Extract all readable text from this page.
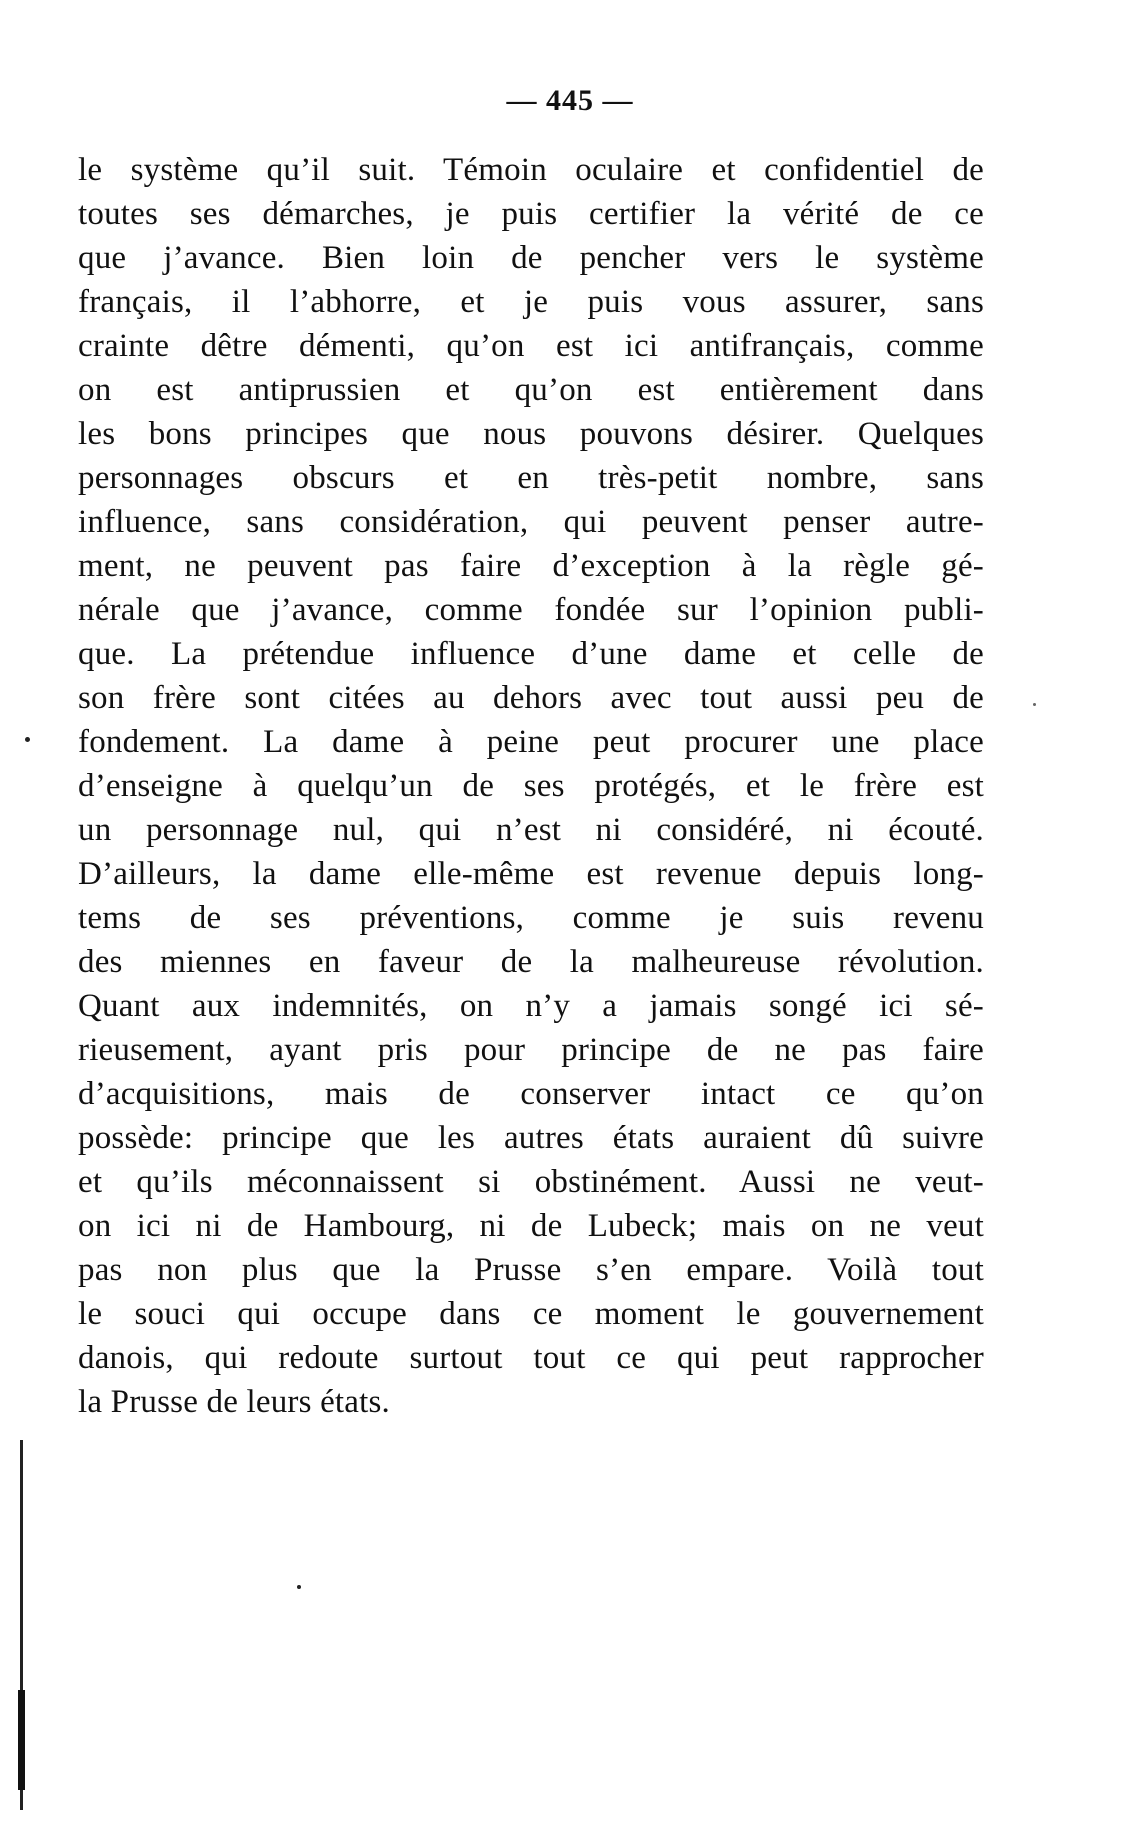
— 445 —
le système qu’il suit. Témoin oculaire et confidentiel de
toutes ses démarches, je puis certifier la vérité de ce
que j’avance. Bien loin de pencher vers le système
français, il l’abhorre, et je puis vous assurer, sans
crainte dêtre démenti, qu’on est ici antifrançais, comme
on est antiprussien et qu’on est entièrement dans
les bons principes que nous pouvons désirer. Quelques
personnages obscurs et en très-petit nombre, sans
influence, sans considération, qui peuvent penser autre-
ment, ne peuvent pas faire d’exception à la règle gé-
nérale que j’avance, comme fondée sur l’opinion publi-
que. La prétendue influence d’une dame et celle de
son frère sont citées au dehors avec tout aussi peu de
fondement. La dame à peine peut procurer une place
d’enseigne à quelqu’un de ses protégés, et le frère est
un personnage nul, qui n’est ni considéré, ni écouté.
D’ailleurs, la dame elle-même est revenue depuis long-
tems de ses préventions, comme je suis revenu
des miennes en faveur de la malheureuse révolution.
Quant aux indemnités, on n’y a jamais songé ici sé-
rieusement, ayant pris pour principe de ne pas faire
d’acquisitions, mais de conserver intact ce qu’on
possède: principe que les autres états auraient dû suivre
et qu’ils méconnaissent si obstinément. Aussi ne veut-
on ici ni de Hambourg, ni de Lubeck; mais on ne veut
pas non plus que la Prusse s’en empare. Voilà tout
le souci qui occupe dans ce moment le gouvernement
danois, qui redoute surtout tout ce qui peut rapprocher
la Prusse de leurs états.
